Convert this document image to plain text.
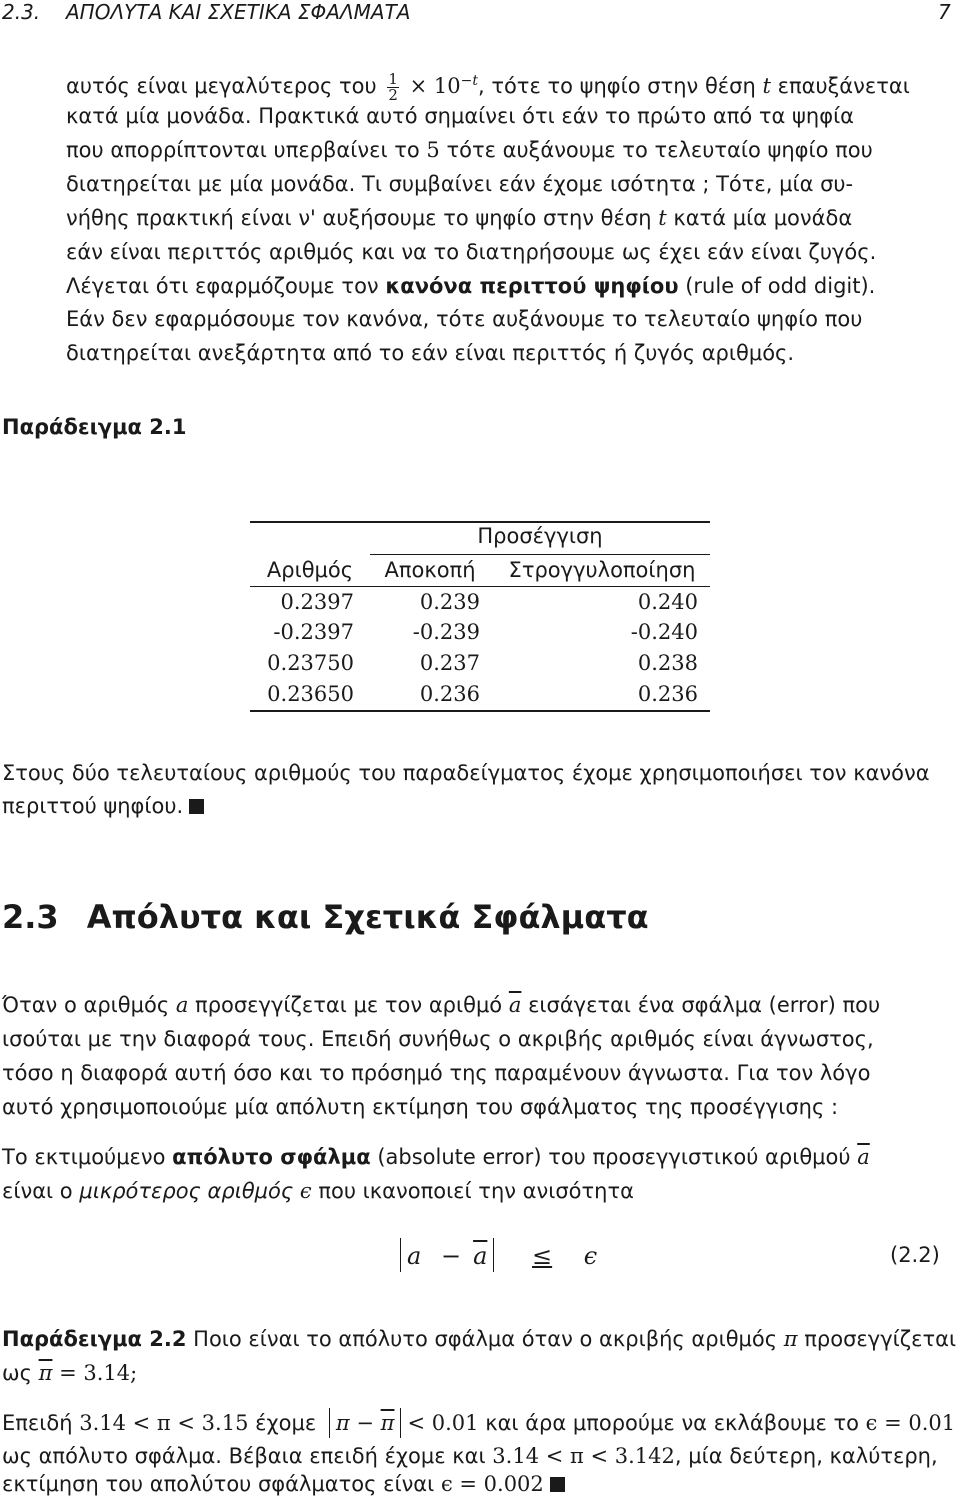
2.3. ΑΠΟΛΥΤΑ ΚΑΙ ΣΧΕΤΙΚΑ ΣΦΑΛΜΑΤΑ	7
αυτός είναι μεγαλύτερος του $\frac{1}{2} \times 10^{-t}$, τότε το ψηφίο στην θέση t επαυξάνεται
κατά μία μονάδα. Πρακτικά αυτό σημαίνει ότι εάν το πρώτο από τα ψηφία
που απορρίπτονται υπερβαίνει το 5 τότε αυξάνουμε το τελευταίο ψηφίο που
διατηρείται με μία μονάδα. Τι συμβαίνει εάν έχομε ισότητα ; Τότε, μία συ-
νήθης πρακτική είναι ν' αυξήσουμε το ψηφίο στην θέση t κατά μία μονάδα
εάν είναι περιττός αριθμός και να το διατηρήσουμε ως έχει εάν είναι ζυγός.
Λέγεται ότι εφαρμόζουμε τον κανόνα περιττού ψηφίου (rule of odd digit).
Εάν δεν εφαρμόσουμε τον κανόνα, τότε αυξάνουμε το τελευταίο ψηφίο που
διατηρείται ανεξάρτητα από το εάν είναι περιττός ή ζυγός αριθμός.
Παράδειγμα 2.1
Προσέγγιση
Αριθμός	Αποκοπή	Στρογγυλοποίηση
0.2397	0.239	0.240
-0.2397	-0.239	-0.240
0.23750	0.237	0.238
0.23650	0.236	0.236
Στους δύο τελευταίους αριθμούς του παραδείγματος έχομε χρησιμοποιήσει τον κανόνα
περιττού ψηφίου.
2.3 Απόλυτα και Σχετικά Σφάλματα
Όταν ο αριθμός a προσεγγίζεται με τον αριθμό $\overline{a}$ εισάγεται ένα σφάλμα (error) που
ισούται με την διαφορά τους. Επειδή συνήθως ο ακριβής αριθμός είναι άγνωστος,
τόσο η διαφορά αυτή όσο και το πρόσημό της παραμένουν άγνωστα. Για τον λόγο
αυτό χρησιμοποιούμε μία απόλυτη εκτίμηση του σφάλματος της προσέγγισης :
Το εκτιμούμενο απόλυτο σφάλμα (absolute error) του προσεγγιστικού αριθμού $\overline{a}$
είναι ο μικρότερος αριθμός ϵ που ικανοποιεί την ανισότητα
$a - \overline{a} \le \epsilon$	(2.2)
Παράδειγμα 2.2 Ποιο είναι το απόλυτο σφάλμα όταν ο ακριβής αριθμός π προσεγγίζεται
ως $\overline{\pi} = 3.14$;
Επειδή 3.14 < π < 3.15 έχομε $\pi - \overline{\pi} < 0.01$ και άρα μπορούμε να εκλάβουμε το ϵ = 0.01
ως απόλυτο σφάλμα. Βέβαια επειδή έχομε και 3.14 < π < 3.142, μία δεύτερη, καλύτερη,
εκτίμηση του απολύτου σφάλματος είναι ϵ = 0.002
